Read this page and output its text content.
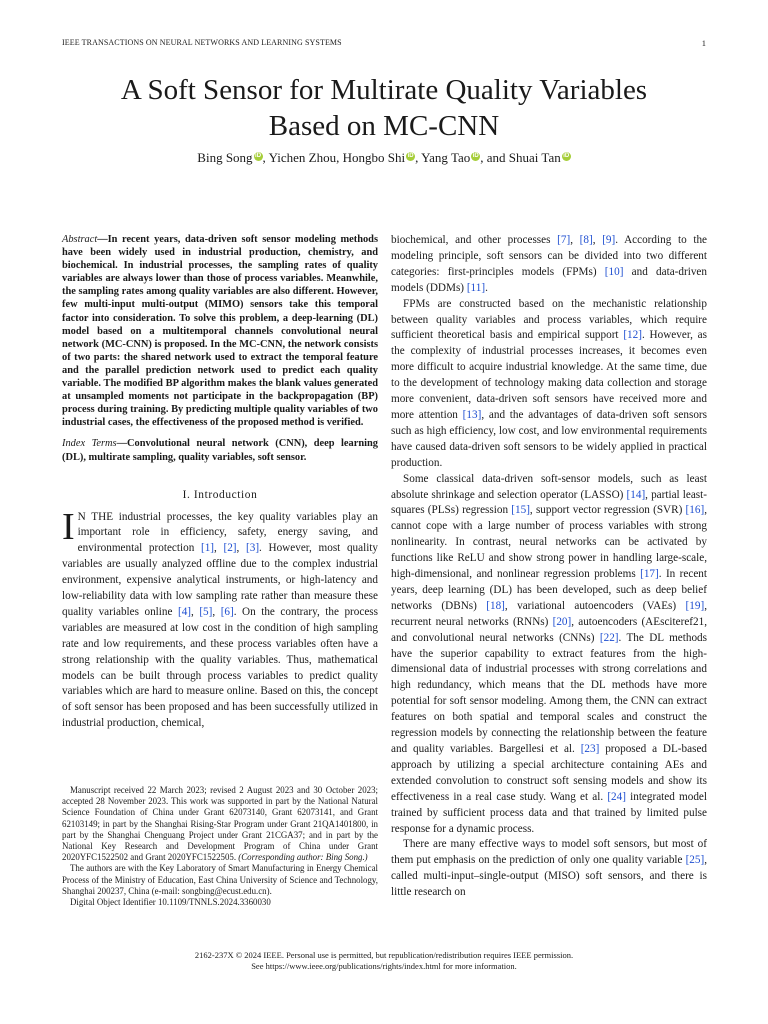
IEEE TRANSACTIONS ON NEURAL NETWORKS AND LEARNING SYSTEMS	1
A Soft Sensor for Multirate Quality Variables
Based on MC-CNN
Bing Song iD , Yichen Zhou, Hongbo Shi iD , Yang Tao iD , and Shuai Tan iD
Abstract—In recent years, data-driven soft sensor modeling methods have been widely used in industrial production, chemistry, and biochemical. In industrial processes, the sampling rates of quality variables are always lower than those of process variables. Meanwhile, the sampling rates among quality variables are also different. However, few multi-input multi-output (MIMO) sensors take this temporal factor into consideration. To solve this problem, a deep-learning (DL) model based on a multitemporal channels convolutional neural network (MC-CNN) is proposed. In the MC-CNN, the network consists of two parts: the shared network used to extract the temporal feature and the parallel prediction network used to predict each quality variable. The modified BP algorithm makes the blank values generated at unsampled moments not participate in the backpropagation (BP) process during training. By predicting multiple quality variables of two industrial cases, the effectiveness of the proposed method is verified.
Index Terms—Convolutional neural network (CNN), deep learning (DL), multirate sampling, quality variables, soft sensor.
I. Introduction

I N THE industrial processes, the key quality variables play an important role in efficiency, safety, energy saving, and environmental protection [1], [2], [3]. However, most quality variables are usually analyzed offline due to the complex industrial environment, expensive analytical instruments, or high-latency and low-reliability data with low sampling rate rather than measure these quality variables online [4], [5], [6]. On the contrary, the process variables are measured at low cost in the condition of high sampling rate and low requirements, and these process variables often have a strong relationship with the quality variables. Thus, mathematical models can be built through process variables to predict quality variables which are hard to measure online. Based on this, the concept of soft sensor has been proposed and has been successfully utilized in industrial production, chemical,

Manuscript received 22 March 2023; revised 2 August 2023 and 30 October 2023; accepted 28 November 2023. This work was supported in part by the National Natural Science Foundation of China under Grant 62073140, Grant 62073141, and Grant 62103149; in part by the Shanghai Rising-Star Program under Grant 21QA1401800, in part by the Shanghai Chenguang Project under Grant 21CGA37; and in part by the National Key Research and Development Program of China under Grant 2020YFC1522502 and Grant 2020YFC1522505. (Corresponding author: Bing Song.)

The authors are with the Key Laboratory of Smart Manufacturing in Energy Chemical Process of the Ministry of Education, East China University of Science and Technology, Shanghai 200237, China (e-mail: songbing@ecust.edu.cn).

Digital Object Identifier 10.1109/TNNLS.2024.3360030

biochemical, and other processes [7], [8], [9]. According to the modeling principle, soft sensors can be divided into two different categories: first-principles models (FPMs) [10] and data-driven models (DDMs) [11].

FPMs are constructed based on the mechanistic relationship between quality variables and process variables, which require sufficient theoretical basis and empirical support [12]. However, as the complexity of industrial processes increases, it becomes even more difficult to acquire industrial knowledge. At the same time, due to the development of technology making data collection and storage more convenient, data-driven soft sensors have received more and more attention [13], and the advantages of data-driven soft sensors such as high efficiency, low cost, and low environmental requirements have caused data-driven soft sensors to be widely applied in practical production.

Some classical data-driven soft-sensor models, such as least absolute shrinkage and selection operator (LASSO) [14], partial least-squares (PLSs) regression [15], support vector regression (SVR) [16], cannot cope with a large number of process variables with strong nonlinearity. In contrast, neural networks can be activated by functions like ReLU and show strong power in handling large-scale, high-dimensional, and nonlinear regression problems [17]. In recent years, deep learning (DL) has been developed, such as deep belief networks (DBNs) [18], variational autoencoders (VAEs) [19], recurrent neural networks (RNNs) [20], autoencoders (AEsciteref21, and convolutional neural networks (CNNs) [22]. The DL methods have the superior capability to extract features from the high-dimensional data of industrial processes with strong correlations and high redundancy, which means that the DL methods have more potential for soft sensor modeling. Among them, the CNN can extract features on both spatial and temporal scales and construct the regression models by connecting the relationship between the feature and quality variables. Bargellesi et al. [23] proposed a DL-based approach by utilizing a special architecture containing AEs and extended convolution to construct soft sensing models and show its effectiveness in a real case study. Wang et al. [24] integrated model trained by sufficient process data and that trained by limited pulse response for a dynamic process.

There are many effective ways to model soft sensors, but most of them put emphasis on the prediction of only one quality variable [25], called multi-input–single-output (MISO) soft sensors, and there is little research on

2162-237X © 2024 IEEE. Personal use is permitted, but republication/redistribution requires IEEE permission.
See https://www.ieee.org/publications/rights/index.html for more information.
